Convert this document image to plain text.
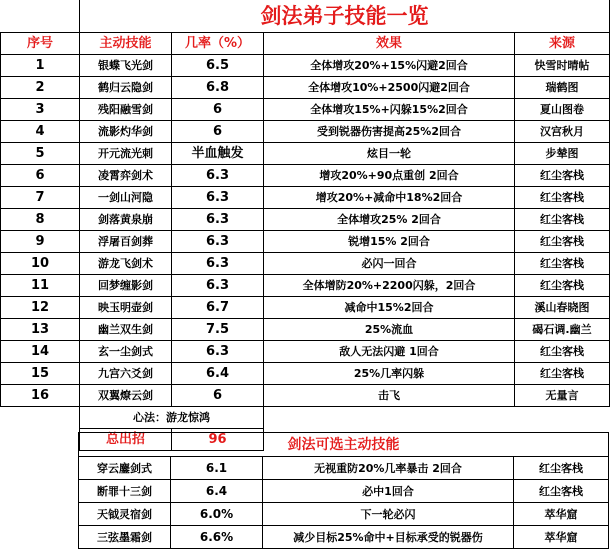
	剑法弟子技能一览			
序号	主动技能	几率（%）	效果	来源
1	银蝶飞光剑	6.5	全体增攻20%+15%闪避2回合	快雪时晴帖
2	鹤归云隐剑	6.8	全体增攻10%+2500闪避2回合	瑞鹤图
3	残阳融雪剑	6	全体增攻15%+闪躲15%2回合	夏山图卷
4	流影灼华剑	6	受到锐器伤害提高25%2回合	汉宫秋月
5	开元流光刺	半血触发	炫目一轮	步辇图
6	凌霄弈剑术	6.3	增攻20%+90点重创 2回合	红尘客栈
7	一剑山河隐	6.3	增攻20%+减命中18%2回合	红尘客栈
8	剑落黄泉崩	6.3	全体增攻25% 2回合	红尘客栈
9	浮屠百剑葬	6.3	锐增15% 2回合	红尘客栈
10	游龙飞剑术	6.3	必闪一回合	红尘客栈
11	回梦缠影剑	6.3	全体增防20%+2200闪躲，2回合	红尘客栈
12	映玉明壶剑	6.7	减命中15%2回合	溪山春晓图
13	幽兰双生剑	7.5	25%流血	碣石调.幽兰
14	玄一尘剑式	6.3	敌人无法闪避 1回合	红尘客栈
15	九宫六爻剑	6.4	25%几率闪躲	红尘客栈
16	双翼燎云剑	6	击飞	无量言
	心法：游龙惊鸿			
	总出招	96			剑法可选主动技能			
穿云鏖剑式	6.1	无视重防20%几率暴击 2回合	红尘客栈
断罪十三剑	6.4	必中1回合	红尘客栈
天钺灵宿剑	6.0%	下一轮必闪	萃华窟
三弦墨霜剑	6.6%	减少目标25%命中+目标承受的锐器伤	萃华窟
